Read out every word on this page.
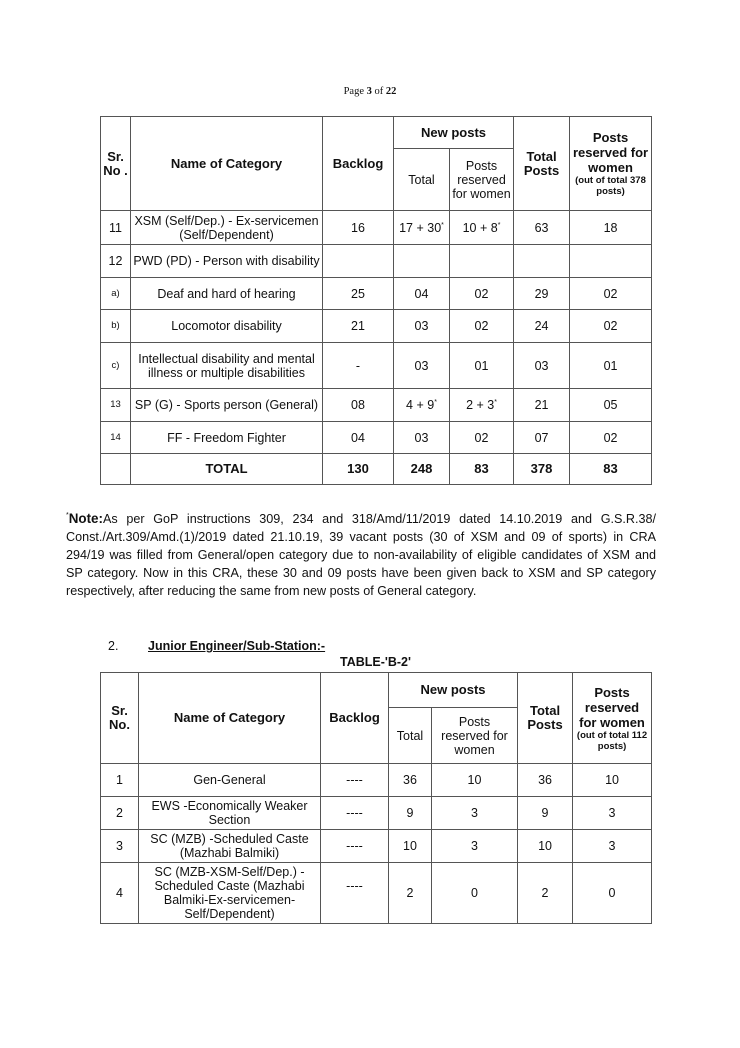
Page 3 of 22
Sr. No .	Name of Category	Backlog	New posts		Total Posts	Posts reserved for women
(out of total 378 posts)

			Total	Posts reserved for women		
11	XSM (Self/Dep.) - Ex-servicemen (Self/Dependent)	16	17 + 30*	10 + 8*	63	18
12	PWD (PD) - Person with disability					
a)	Deaf and hard of hearing	25	04	02	29	02
b)	Locomotor disability	21	03	02	24	02
c)	Intellectual disability and mental illness or multiple disabilities	-	03	01	03	01
13	SP (G) - Sports person (General)	08	4 + 9*	2 + 3*	21	05
14	FF - Freedom Fighter	04	03	02	07	02
	TOTAL	130	248	83	378	83
*Note:As per GoP instructions 309, 234 and 318/Amd/11/2019 dated 14.10.2019 and G.S.R.38/ Const./Art.309/Amd.(1)/2019 dated 21.10.19, 39 vacant posts (30 of XSM and 09 of sports) in CRA 294/19 was filled from General/open category due to non-availability of eligible candidates of XSM and SP category. Now in this CRA, these 30 and 09 posts have been given back to XSM and SP category respectively, after reducing the same from new posts of General category.
2. Junior Engineer/Sub-Station:-
TABLE-'B-2'
Sr. No.	Name of Category	Backlog	New posts		Total Posts	Posts reserved for women
(out of total 112 posts)

			Total	Posts reserved for women		
1	Gen-General	----	36	10	36	10
2	EWS -Economically Weaker Section	----	9	3	9	3
3	SC (MZB) -Scheduled Caste (Mazhabi Balmiki)	----	10	3	10	3
4	SC (MZB-XSM-Self/Dep.) - Scheduled Caste (Mazhabi Balmiki-Ex-servicemen-Self/Dependent)	----	2	0	2	0
